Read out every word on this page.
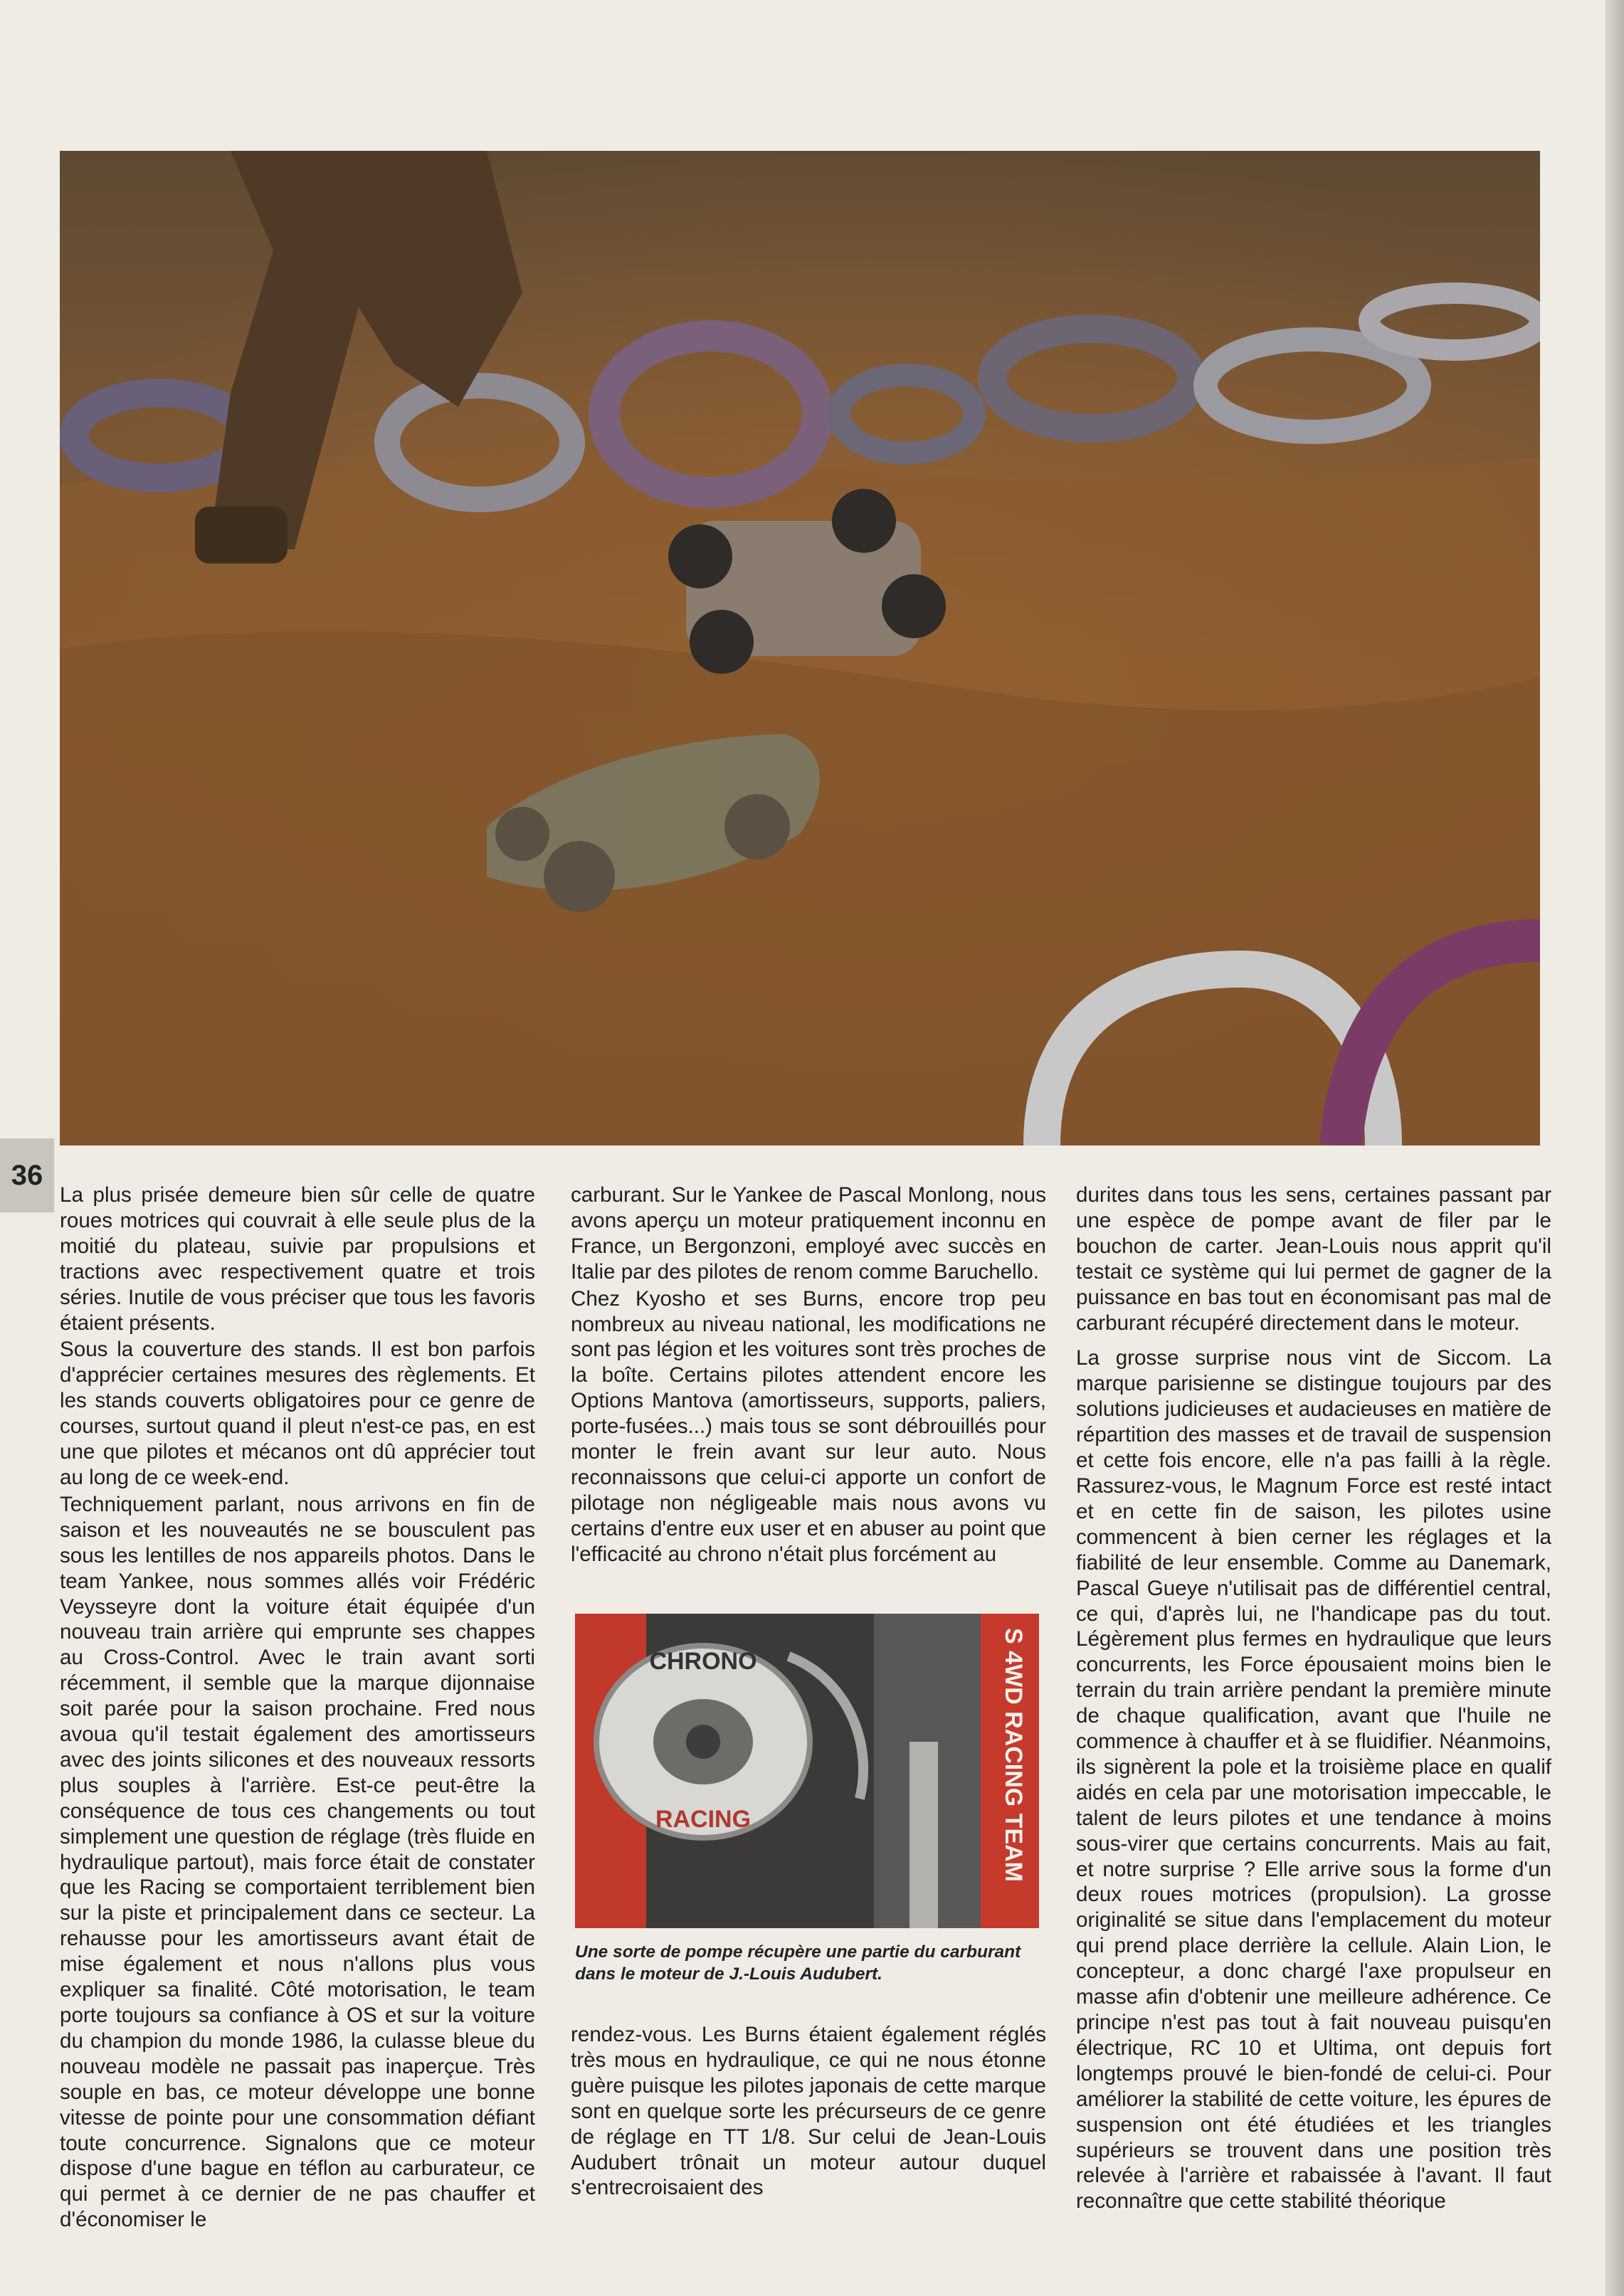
36

La plus prisée demeure bien sûr celle de quatre roues motrices qui couvrait à elle seule plus de la moitié du plateau, suivie par propulsions et tractions avec respectivement quatre et trois séries. Inutile de vous préciser que tous les favoris étaient présents.

Sous la couverture des stands. Il est bon parfois d'apprécier certaines mesures des règlements. Et les stands couverts obligatoires pour ce genre de courses, surtout quand il pleut n'est-ce pas, en est une que pilotes et mécanos ont dû apprécier tout au long de ce week-end.

Techniquement parlant, nous arrivons en fin de saison et les nouveautés ne se bousculent pas sous les lentilles de nos appareils photos. Dans le team Yankee, nous sommes allés voir Frédéric Veysseyre dont la voiture était équipée d'un nouveau train arrière qui emprunte ses chappes au Cross-Control. Avec le train avant sorti récemment, il semble que la marque dijonnaise soit parée pour la saison prochaine. Fred nous avoua qu'il testait également des amortisseurs avec des joints silicones et des nouveaux ressorts plus souples à l'arrière. Est-ce peut-être la conséquence de tous ces changements ou tout simplement une question de réglage (très fluide en hydraulique partout), mais force était de constater que les Racing se comportaient terriblement bien sur la piste et principalement dans ce secteur. La rehausse pour les amortisseurs avant était de mise également et nous n'allons plus vous expliquer sa finalité. Côté motorisation, le team porte toujours sa confiance à OS et sur la voiture du champion du monde 1986, la culasse bleue du nouveau modèle ne passait pas inaperçue. Très souple en bas, ce moteur développe une bonne vitesse de pointe pour une consommation défiant toute concurrence. Signalons que ce moteur dispose d'une bague en téflon au carburateur, ce qui permet à ce dernier de ne pas chauffer et d'économiser le

carburant. Sur le Yankee de Pascal Monlong, nous avons aperçu un moteur pratiquement inconnu en France, un Bergonzoni, employé avec succès en Italie par des pilotes de renom comme Baruchello.

Chez Kyosho et ses Burns, encore trop peu nombreux au niveau national, les modifications ne sont pas légion et les voitures sont très proches de la boîte. Certains pilotes attendent encore les Options Mantova (amortisseurs, supports, paliers, porte-fusées...) mais tous se sont débrouillés pour monter le frein avant sur leur auto. Nous reconnaissons que celui-ci apporte un confort de pilotage non négligeable mais nous avons vu certains d'entre eux user et en abuser au point que l'efficacité au chrono n'était plus forcément au

CHRONO
RACING	S 4WD RACING TEAM
Une sorte de pompe récupère une partie du carburant dans le moteur de J.-Louis Audubert.

rendez-vous. Les Burns étaient également réglés très mous en hydraulique, ce qui ne nous étonne guère puisque les pilotes japonais de cette marque sont en quelque sorte les précurseurs de ce genre de réglage en TT 1/8. Sur celui de Jean-Louis Audubert trônait un moteur autour duquel s'entrecroisaient des

durites dans tous les sens, certaines passant par une espèce de pompe avant de filer par le bouchon de carter. Jean-Louis nous apprit qu'il testait ce système qui lui permet de gagner de la puissance en bas tout en économisant pas mal de carburant récupéré directement dans le moteur.

La grosse surprise nous vint de Siccom. La marque parisienne se distingue toujours par des solutions judicieuses et audacieuses en matière de répartition des masses et de travail de suspension et cette fois encore, elle n'a pas failli à la règle. Rassurez-vous, le Magnum Force est resté intact et en cette fin de saison, les pilotes usine commencent à bien cerner les réglages et la fiabilité de leur ensemble. Comme au Danemark, Pascal Gueye n'utilisait pas de différentiel central, ce qui, d'après lui, ne l'handicape pas du tout. Légèrement plus fermes en hydraulique que leurs concurrents, les Force épousaient moins bien le terrain du train arrière pendant la première minute de chaque qualification, avant que l'huile ne commence à chauffer et à se fluidifier. Néanmoins, ils signèrent la pole et la troisième place en qualif aidés en cela par une motorisation impeccable, le talent de leurs pilotes et une tendance à moins sous-virer que certains concurrents. Mais au fait, et notre surprise ? Elle arrive sous la forme d'un deux roues motrices (propulsion). La grosse originalité se situe dans l'emplacement du moteur qui prend place derrière la cellule. Alain Lion, le concepteur, a donc chargé l'axe propulseur en masse afin d'obtenir une meilleure adhérence. Ce principe n'est pas tout à fait nouveau puisqu'en électrique, RC 10 et Ultima, ont depuis fort longtemps prouvé le bien-fondé de celui-ci. Pour améliorer la stabilité de cette voiture, les épures de suspension ont été étudiées et les triangles supérieurs se trouvent dans une position très relevée à l'arrière et rabaissée à l'avant. Il faut reconnaître que cette stabilité théorique
